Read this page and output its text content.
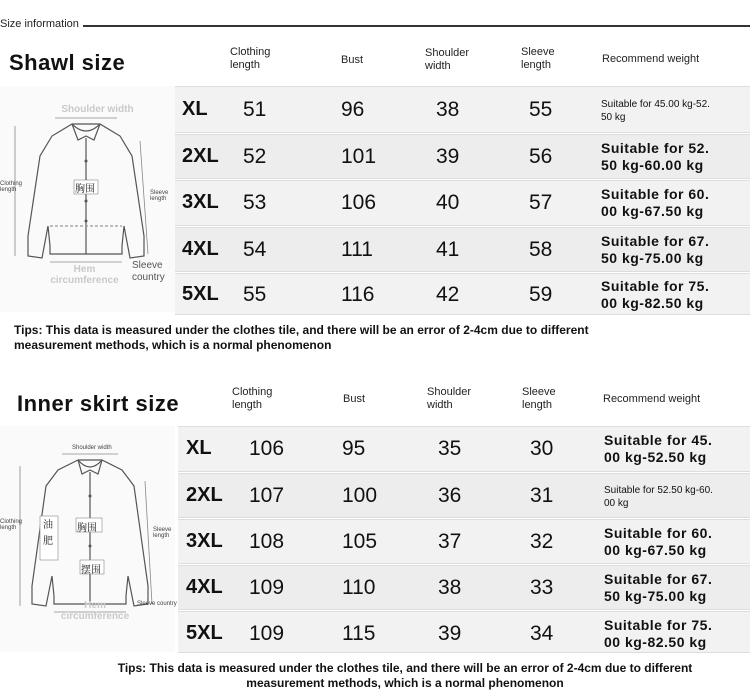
Size information
Shawl size	Clothing length	Bust
Shoulder width
Sleeve length	Recommend weight
Shoulder width
Clothing length	Sleeve length
胸围
Hem circumference
Sleeve country
XL 51	96	38	55	Suitable for 45.00 kg-52.
50 kg
2XL 52	101	39	56	Suitable for 52.
50 kg-60.00 kg
3XL 53	106	40	57	Suitable for 60.
00 kg-67.50 kg
4XL 54	111	41	58	Suitable for 67.
50 kg-75.00 kg
5XL 55	116	42	59	Suitable for 75.
00 kg-82.50 kg
Tips: This data is measured under the clothes tile, and there will be an error of 2-4cm due to different
measurement methods, which is a normal phenomenon
Inner skirt size	Clothing length	Bust
Shoulder width
Sleeve length	Recommend weight
Shoulder width
Clothing length	Sleeve length
胸围
油
肥
摆围
Hem circumference
Sleeve country
XL 106	95	35	30	Suitable for 45.
00 kg-52.50 kg
2XL 107	100	36	31	Suitable for 52.50 kg-60.
00 kg
3XL 108	105	37	32	Suitable for 60.
00 kg-67.50 kg
4XL 109	110	38	33	Suitable for 67.
50 kg-75.00 kg
5XL 109	115	39	34	Suitable for 75.
00 kg-82.50 kg
Tips: This data is measured under the clothes tile, and there will be an error of 2-4cm due to different
measurement methods, which is a normal phenomenon
